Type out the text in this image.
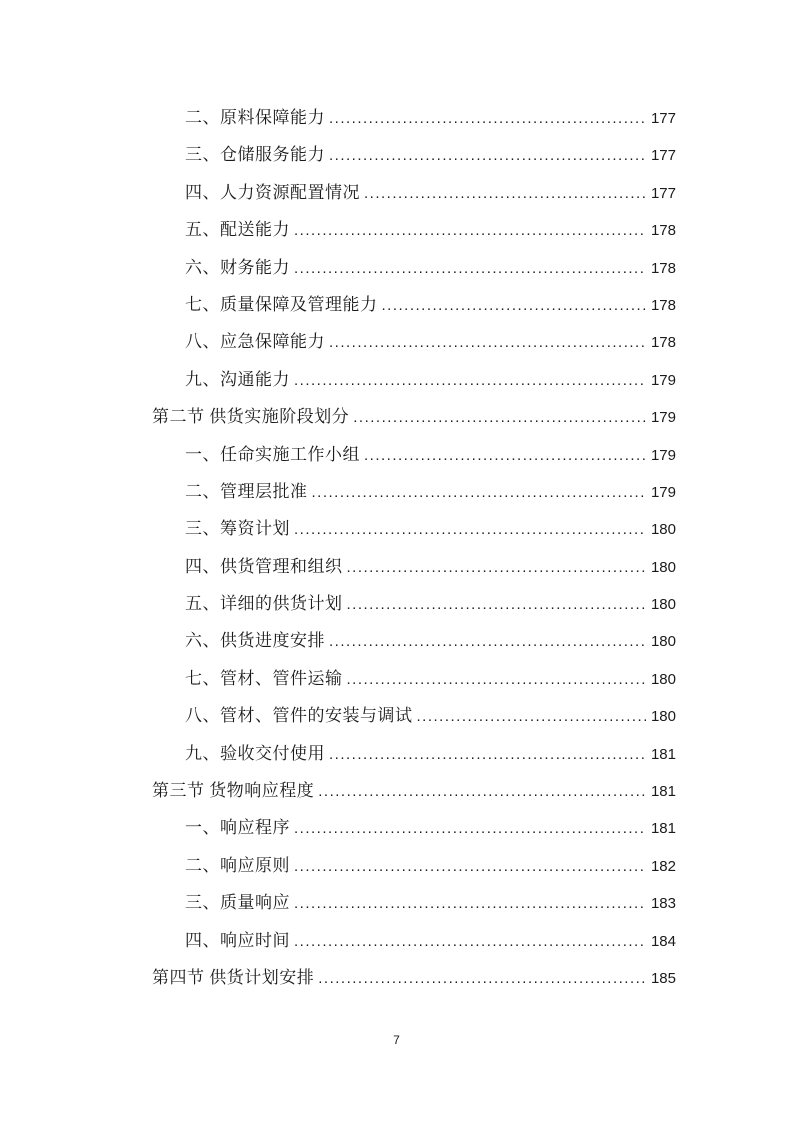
二、原料保障能力 .....	177
三、仓储服务能力 .....	177
四、人力资源配置情况 .....	177
五、配送能力 .....	178
六、财务能力 .....	178
七、质量保障及管理能力 .....	178
八、应急保障能力 .....	178
九、沟通能力 .....	179
第二节 供货实施阶段划分 .....	179
一、任命实施工作小组 .....	179
二、管理层批准 .....	179
三、筹资计划 .....	180
四、供货管理和组织 .....	180
五、详细的供货计划 .....	180
六、供货进度安排 .....	180
七、管材、管件运输 .....	180
八、管材、管件的安装与调试 .....	180
九、验收交付使用 .....	181
第三节 货物响应程度 .....	181
一、响应程序 .....	181
二、响应原则 .....	182
三、质量响应 .....	183
四、响应时间 .....	184
第四节 供货计划安排 .....	185
7
